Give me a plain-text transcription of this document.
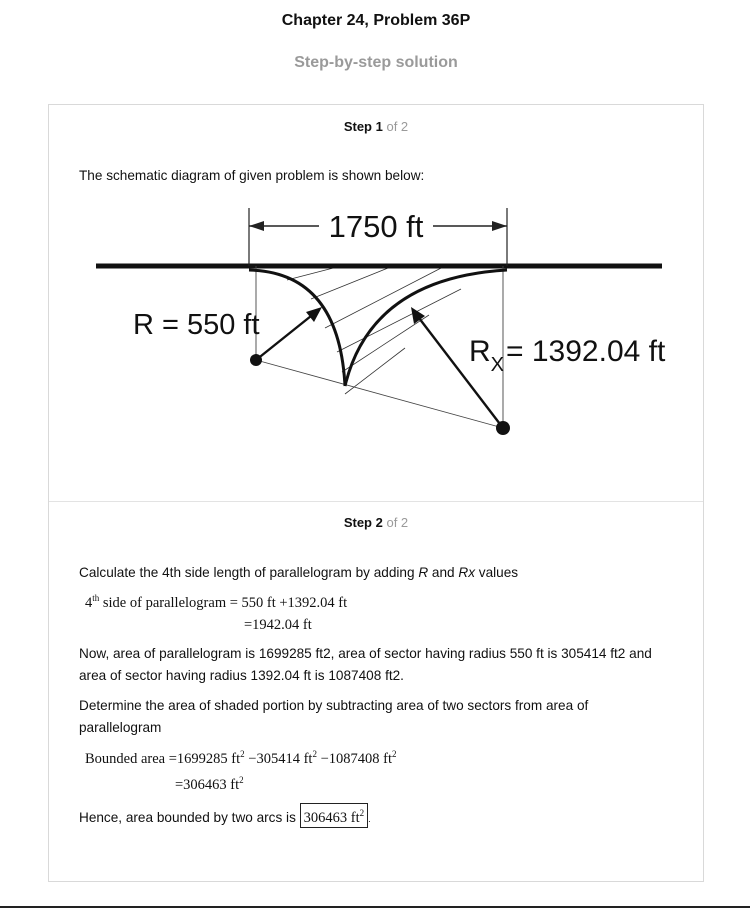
Chapter 24, Problem 36P
Step-by-step solution
Step 1 of 2
The schematic diagram of given problem is shown below:
1750 ft
R = 550 ft
$R_X= 1392.04$ ft
Step 2 of 2
Calculate the 4th side length of parallelogram by adding R and Rx values
4th side of parallelogram = 550 ft +1392.04 ft
=1942.04 ft
Now, area of parallelogram is 1699285 ft2, area of sector having radius 550 ft is 305414 ft2 and area of sector having radius 1392.04 ft is 1087408 ft2.
Determine the area of shaded portion by subtracting area of two sectors from area of parallelogram
Bounded area =1699285 $ft^2 -305414$ $ft^2 -1087408$ $ft^2$
=306463 $ft^2$
Hence, area bounded by two arcs is 306463 $ft^2$.
